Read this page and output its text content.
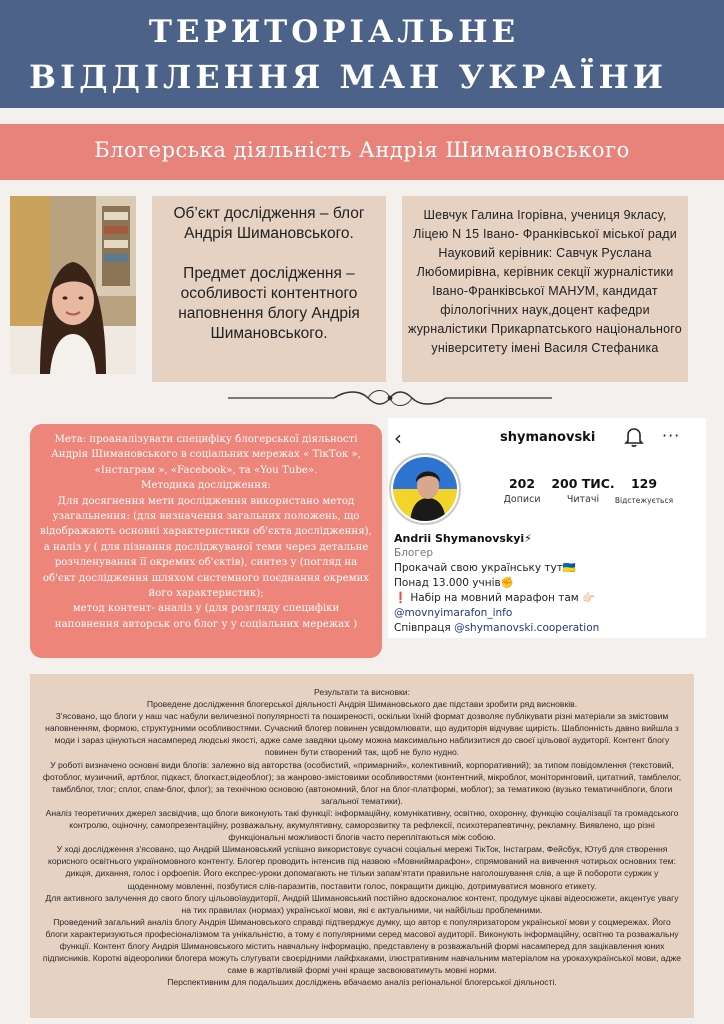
ТЕРИТОРІАЛЬНЕ
ВІДДІЛЕННЯ МАН УКРАЇНИ
Блогерська діяльність Андрія Шимановського

Об’єкт дослідження – блог Андрія Шимановського.

Предмет дослідження – особливості контентного наповнення блогу Андрія Шимановського.

Шевчук Галина Ігорівна, учениця 9класу,

Ліцею N 15 Івано- Франківської міської ради

Науковий керівник: Савчук Руслана Любомирівна, керівник секції журналістики Івано-Франківської МАНУМ, кандидат філологічних наук,доцент кафедри журналістики Прикарпатського національного університету імені Василя Стефаника

Мета: проаналізувати специфіку блогерської діяльності Андрія Шимановського в соціальних мережах « ТікТок », «Інстаграм », «Facebook», та «You Tube».

Методика дослідження:

Для досягнення мети дослідження використано метод узагальнення: (для визначення загальних положень, що відображають основні характеристики об'єкта дослідження),

а наліз у ( для пізнання досліджуваної теми через детальне розчленування її окремих об'єктів), синтез у (погляд на об'єкт дослідження шляхом системного поєднання окремих його характеристик);

метод контент- аналіз у (для розгляду специфіки наповнення авторськ ого блог у у соціальних мережах )

‹	shymanovski	···
202
Дописи
200 ТИС.
Читачі
129
Відстежується
Andrii Shymanovskyi⚡
Блогер
Прокачай свою українську тут🇺🇦
Понад 13.000 учнів✊
❗ Набір на мовний марафон там 👉🏻
@movnyimarafon_info
Співпраця @shymanovski.cooperation

Результати та висновки:

Проведене дослідження блогерської діяльності Андрія Шимановського дає підстави зробити ряд висновків.

З'ясовано, що блоги у наш час набули величезної популярності та поширеності, оскільки їхній формат дозволяє публікувати різні матеріали за змістовим наповненням, формою, структурними особливостями. Сучасний блогер повинен усвідомлювати, що аудиторія відчуває щирість. Шаблонність давно вийшла з моди і зараз цінуються насамперед людські якості, адже саме завдяки цьому можна максимально наблизитися до своєї цільової аудиторії. Контент блогу повинен бути створений так, щоб не було нудно.

У роботі визначено основні види блогів: залежно від авторства (особистий, «примарний», колективний, корпоративний); за типом повідомлення (текстовий, фотоблог, музичний, артблог, підкаст, блогкаст,відеоблог); за жанрово-змістовими особливостями (контентний, мікроблог, моніторинговий, цитатний, тамблелог, тамблблог, тлог; сплог, спам-блог, флог); за технічною основою (автономний, блог на блог-платформі, моблог); за тематикою (вузько тематичніблоги, блоги загальної тематики).

Аналіз теоретичних джерел засвідчив, що блоги виконують такі функції: інформаційну, комунікативну, освітню, охоронну, функцію соціалізації та громадського контролю, оціночну, самопрезентаційну, розважальну, акумулятивну, саморозвитку та рефлексії, психотерапевтичну, рекламну. Виявлено, що різні функціональні можливості блогів часто переплітаються між собою.

У ході дослідження з'ясовано, що Андрій Шимановський успішно використовує сучасні соціальні мережі ТікТок, Інстаграм, Фейсбук, Ютуб для створення корисного освітнього україномовного контенту. Блогер проводить інтенсив під назвою «Мовниймарафон», спрямований на вивчення чотирьох основних тем: дикція, дихання, голос і орфоепія. Його експрес-уроки допомагають не тільки запам'ятати правильне наголошування слів, а ще й побороти суржик у щоденному мовленні, позбутися слів-паразитів, поставити голос, покращити дикцію, дотримуватися мовного етикету.

Для активного залучення до свого блогу цільовоїаудиторії, Андрій Шимановський постійно вдосконалює контент, продумує цікаві відеосюжети, акцентує увагу на тих правилах (нормах) української мови, які є актуальними, чи найбільш проблемними.

Проведений загальний аналіз блогу Андрія Шимановського справді підтверджує думку, що автор є популяризатором української мови у соцмережах. Його блоги характеризуються професіоналізмом та унікальністю, а тому є популярними серед масової аудиторії. Виконують інформаційну, освітню та розважальну функції. Контент блогу Андрія Шимановського містить навчальну інформацію, представлену в розважальній формі насамперед для зацікавлення юних підписників. Короткі відеоролики блогера можуть слугувати своєрідними лайфхаками, ілюстративним навчальним матеріалом на урокахукраїнської мови, адже саме в жартівливій формі учні краще засвоюватимуть мовні норми.

Перспективним для подальших досліджень вбачаємо аналіз регіональної блогерської діяльності.
